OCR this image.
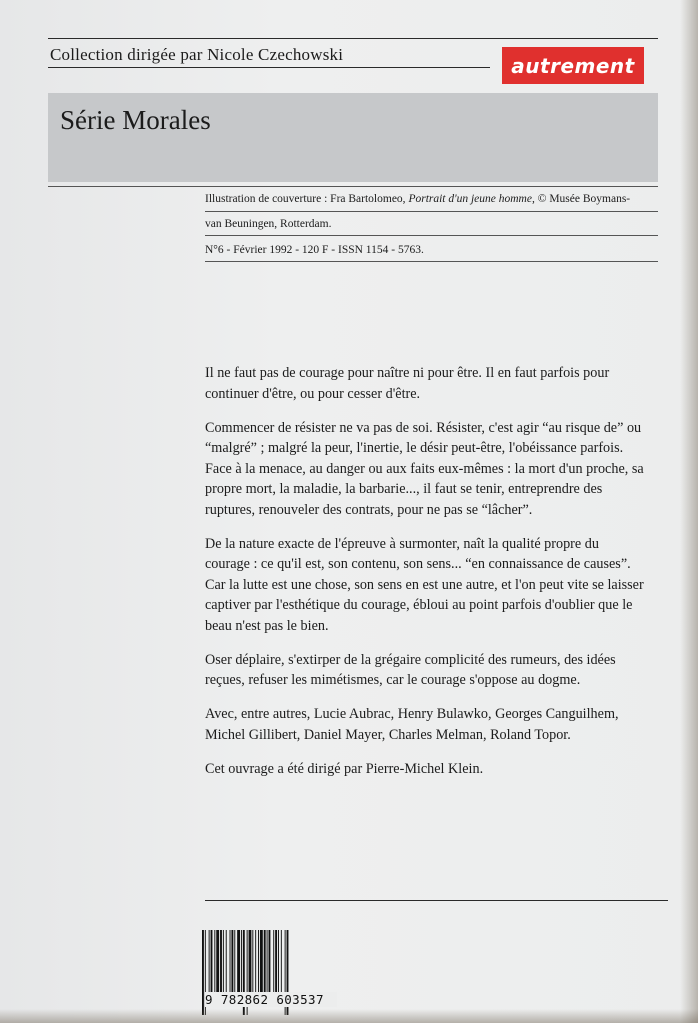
Collection dirigée par Nicole Czechowski	autrement
Série Morales
Illustration de couverture : Fra Bartolomeo, Portrait d'un jeune homme, © Musée Boymans-
van Beuningen, Rotterdam.
N°6 - Février 1992 - 120 F - ISSN 1154 - 5763.

Il ne faut pas de courage pour naître ni pour être. Il en faut parfois pour continuer d'être, ou pour cesser d'être.

Commencer de résister ne va pas de soi. Résister, c'est agir “au risque de” ou “malgré” ; malgré la peur, l'inertie, le désir peut-être, l'obéissance parfois. Face à la menace, au danger ou aux faits eux-mêmes : la mort d'un proche, sa propre mort, la maladie, la barbarie..., il faut se tenir, entreprendre des ruptures, renouveler des contrats, pour ne pas se “lâcher”.

De la nature exacte de l'épreuve à surmonter, naît la qualité propre du courage : ce qu'il est, son contenu, son sens... “en connaissance de causes”. Car la lutte est une chose, son sens en est une autre, et l'on peut vite se laisser captiver par l'esthétique du courage, ébloui au point parfois d'oublier que le beau n'est pas le bien.

Oser déplaire, s'extirper de la grégaire complicité des rumeurs, des idées reçues, refuser les mimétismes, car le courage s'oppose au dogme.

Avec, entre autres, Lucie Aubrac, Henry Bulawko, Georges Canguilhem, Michel Gillibert, Daniel Mayer, Charles Melman, Roland Topor.

Cet ouvrage a été dirigé par Pierre-Michel Klein.

9 782862 603537
